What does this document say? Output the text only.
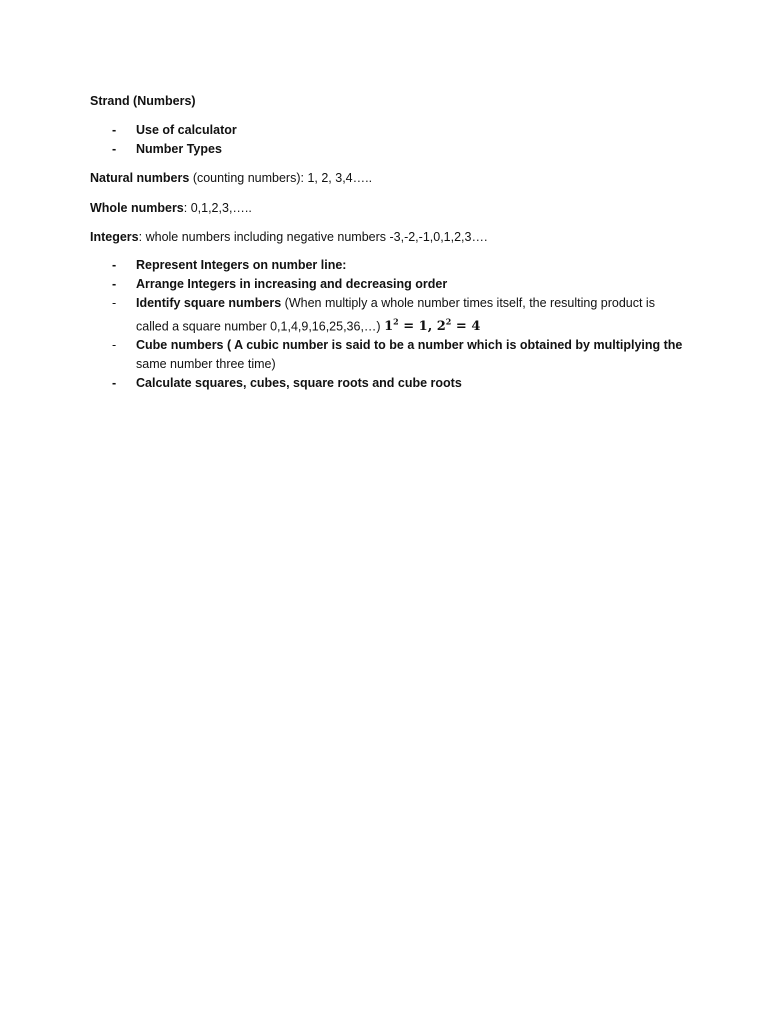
Strand (Numbers)

- Use of calculator
- Number Types

Natural numbers (counting numbers): 1, 2, 3,4…..

Whole numbers: 0,1,2,3,…..

Integers: whole numbers including negative numbers -3,-2,-1,0,1,2,3….

- Represent Integers on number line:
- Arrange Integers in increasing and decreasing order
- Identify square numbers (When multiply a whole number times itself, the resulting product is called a square number 0,1,4,9,16,25,36,…) $1^2 = 1$, $2^2 = 4$
- Cube numbers ( A cubic number is said to be a number which is obtained by multiplying the
same number three time)
- Calculate squares, cubes, square roots and cube roots
